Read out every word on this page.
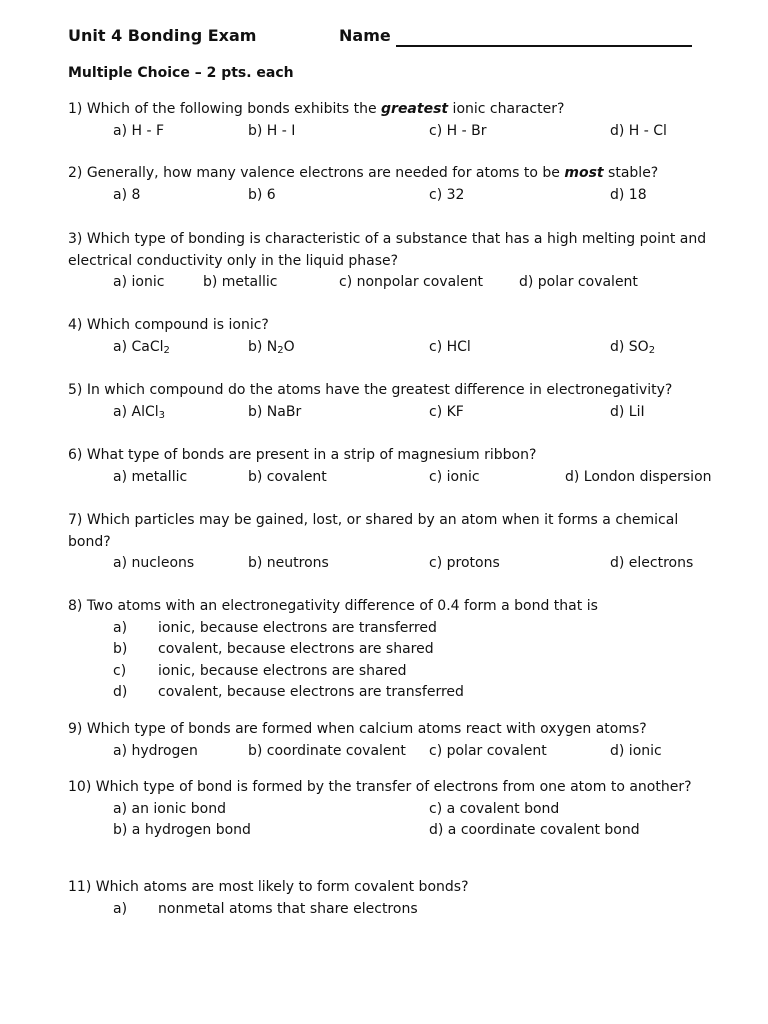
Unit 4 Bonding Exam	Name
Multiple Choice – 2 pts. each
1) Which of the following bonds exhibits the greatest ionic character?
a) H - F	b) H - I	c) H - Br	d) H - Cl
2) Generally, how many valence electrons are needed for atoms to be most stable?
a) 8	b) 6	c) 32	d) 18
3) Which type of bonding is characteristic of a substance that has a high melting point and electrical conductivity only in the liquid phase?
a) ionic	b) metallic	c) nonpolar covalent	d) polar covalent
4) Which compound is ionic?
a) CaCl$_2$	b) $N_2O$	c) HCl	d) $SO_2$
5) In which compound do the atoms have the greatest difference in electronegativity?
a) AlCl$_3$	b) NaBr	c) KF	d) LiI
6) What type of bonds are present in a strip of magnesium ribbon?
a) metallic	b) covalent	c) ionic	d) London dispersion
7) Which particles may be gained, lost, or shared by an atom when it forms a chemical bond?
a) nucleons	b) neutrons	c) protons	d) electrons
8) Two atoms with an electronegativity difference of 0.4 form a bond that is
a) ionic, because electrons are transferred
b) covalent, because electrons are shared
c) ionic, because electrons are shared
d) covalent, because electrons are transferred
9) Which type of bonds are formed when calcium atoms react with oxygen atoms?
a) hydrogen	b) coordinate covalent c) polar covalent	d) ionic
10) Which type of bond is formed by the transfer of electrons from one atom to another?
a) an ionic bond	c) a covalent bond
b) a hydrogen bond	d) a coordinate covalent bond
11) Which atoms are most likely to form covalent bonds?
a) nonmetal atoms that share electrons
